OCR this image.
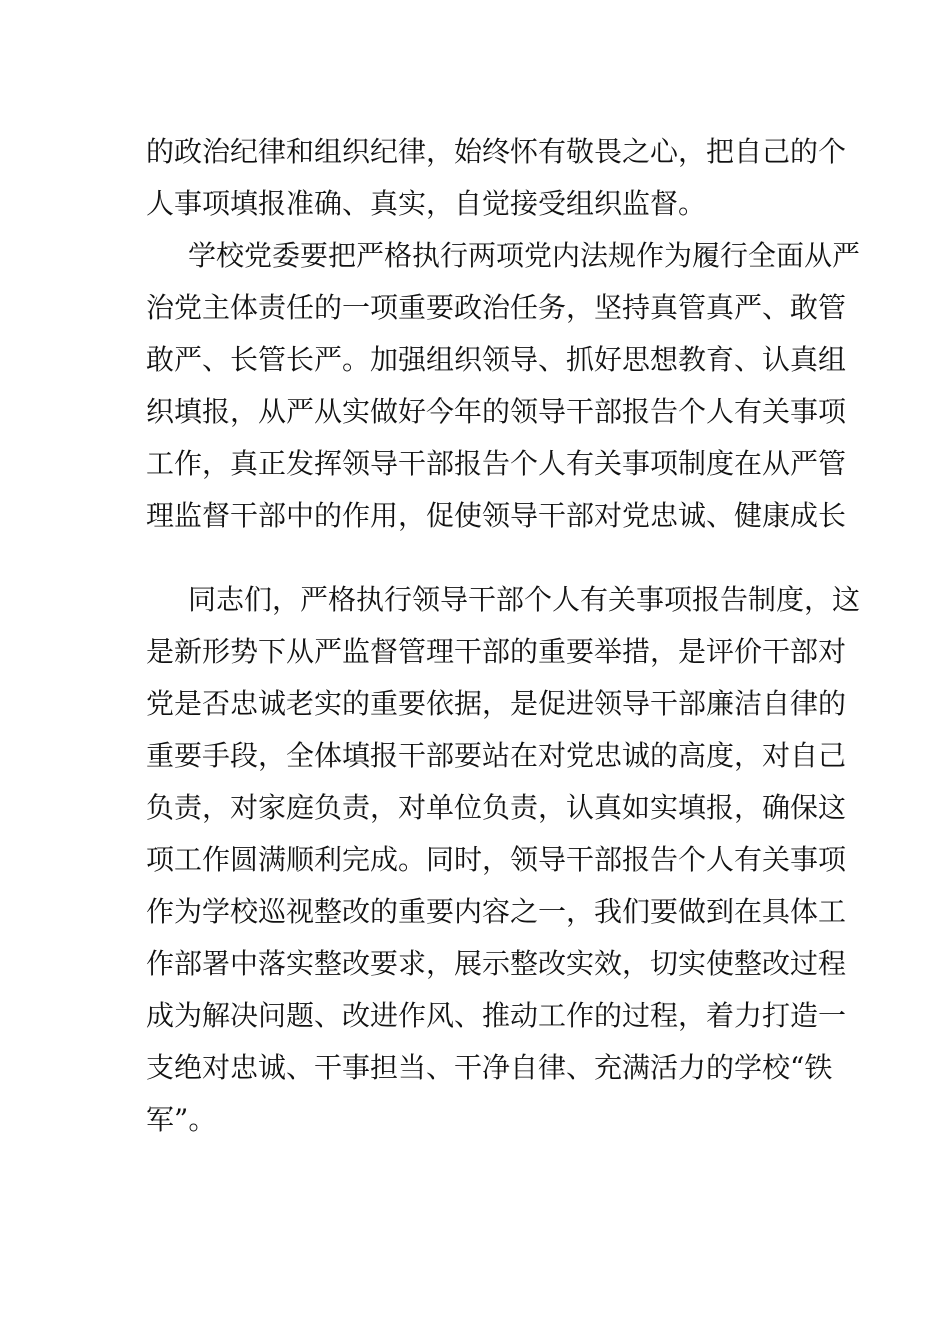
的政治纪律和组织纪律，始终怀有敬畏之心，把自己的个
人事项填报准确、真实，自觉接受组织监督。

学校党委要把严格执行两项党内法规作为履行全面从严
治党主体责任的一项重要政治任务，坚持真管真严、敢管
敢严、长管长严。加强组织领导、抓好思想教育、认真组
织填报，从严从实做好今年的领导干部报告个人有关事项
工作，真正发挥领导干部报告个人有关事项制度在从严管
理监督干部中的作用，促使领导干部对党忠诚、健康成长

同志们，严格执行领导干部个人有关事项报告制度，这
是新形势下从严监督管理干部的重要举措，是评价干部对
党是否忠诚老实的重要依据，是促进领导干部廉洁自律的
重要手段，全体填报干部要站在对党忠诚的高度，对自己
负责，对家庭负责，对单位负责，认真如实填报，确保这
项工作圆满顺利完成。同时，领导干部报告个人有关事项
作为学校巡视整改的重要内容之一，我们要做到在具体工
作部署中落实整改要求，展示整改实效，切实使整改过程
成为解决问题、改进作风、推动工作的过程，着力打造一
支绝对忠诚、干事担当、干净自律、充满活力的学校“铁
军”。
